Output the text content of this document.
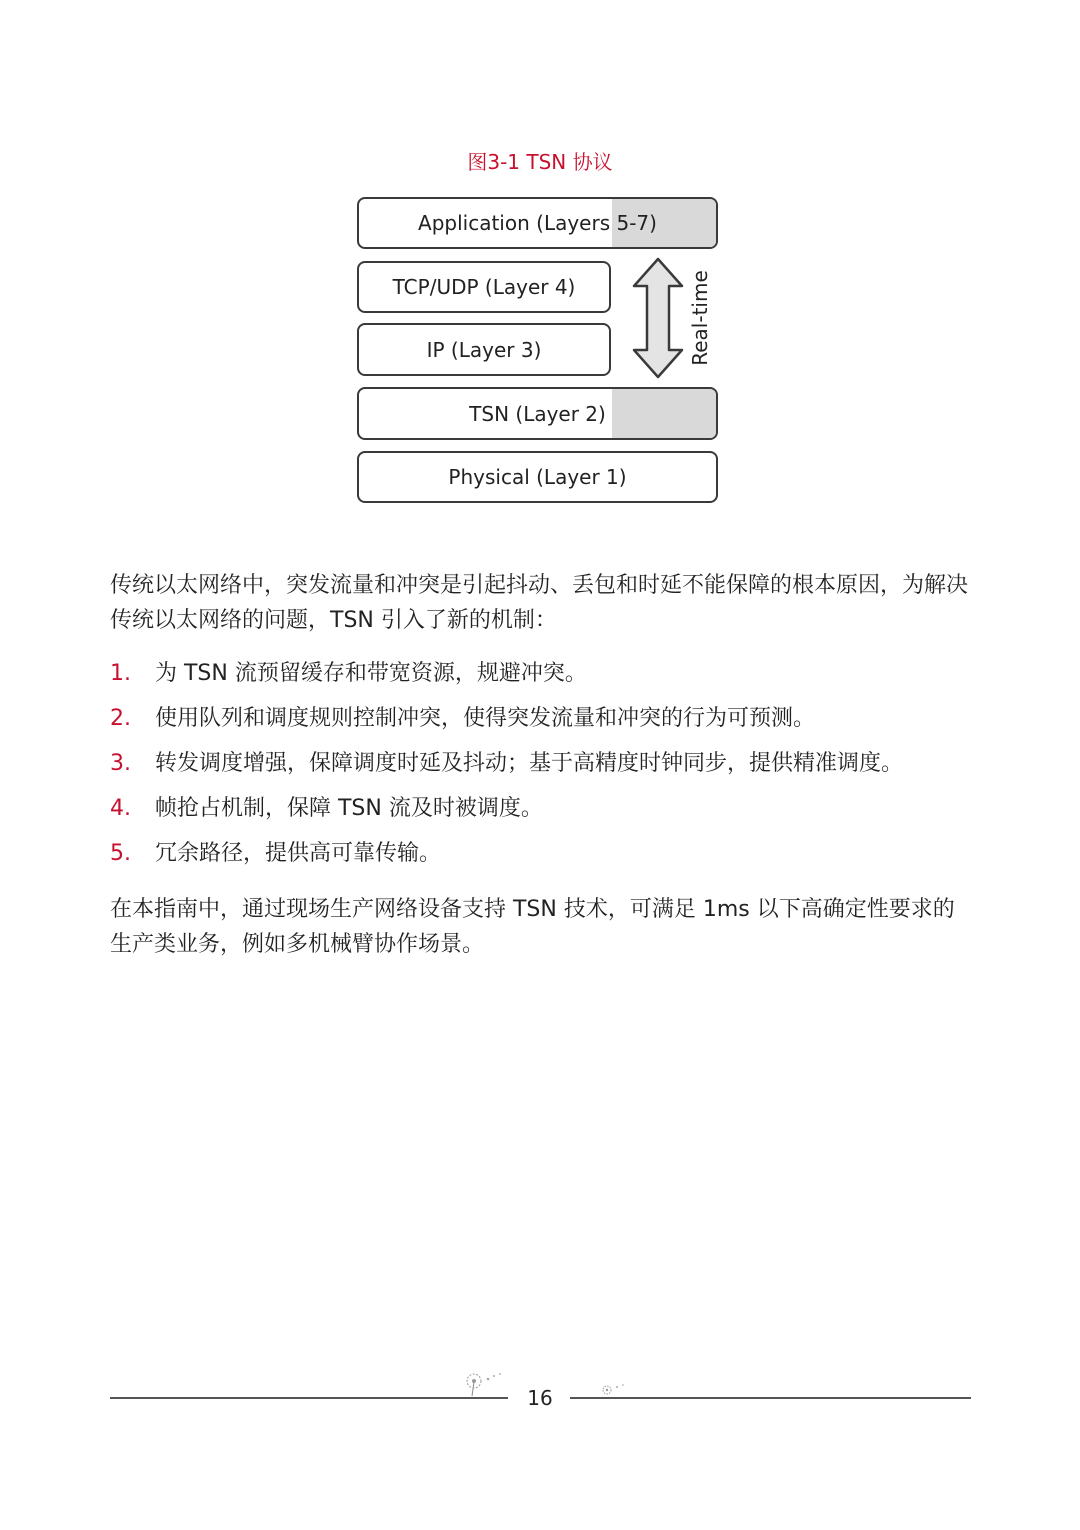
图3-1 TSN 协议
Application (Layers 5-7)
TCP/UDP (Layer 4)
IP (Layer 3)
TSN (Layer 2)
Physical (Layer 1)
Real-time
传统以太网络中，突发流量和冲突是引起抖动、丢包和时延不能保障的根本原因，为解决传统以太网络的问题，TSN 引入了新的机制：
1. 为 TSN 流预留缓存和带宽资源，规避冲突。
2. 使用队列和调度规则控制冲突，使得突发流量和冲突的行为可预测。
3. 转发调度增强，保障调度时延及抖动；基于高精度时钟同步，提供精准调度。
4. 帧抢占机制，保障 TSN 流及时被调度。
5. 冗余路径，提供高可靠传输。
在本指南中，通过现场生产网络设备支持 TSN 技术，可满足 1ms 以下高确定性要求的生产类业务，例如多机械臂协作场景。
16
